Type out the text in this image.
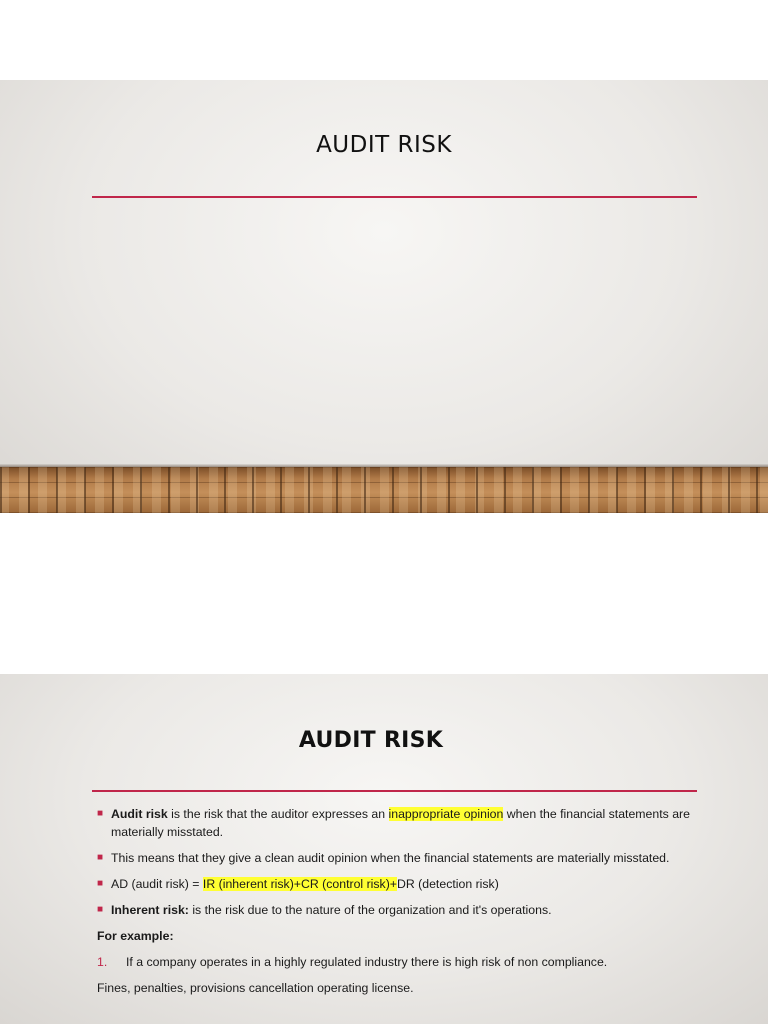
AUDIT RISK
AUDIT RISK
■ Audit risk is the risk that the auditor expresses an inappropriate opinion when the financial statements are materially misstated.
■ This means that they give a clean audit opinion when the financial statements are materially misstated.
■ AD (audit risk) = IR (inherent risk)+CR (control risk)+DR (detection risk)
■ Inherent risk: is the risk due to the nature of the organization and it's operations.
For example:
1. If a company operates in a highly regulated industry there is high risk of non compliance.
Fines, penalties, provisions cancellation operating license.
